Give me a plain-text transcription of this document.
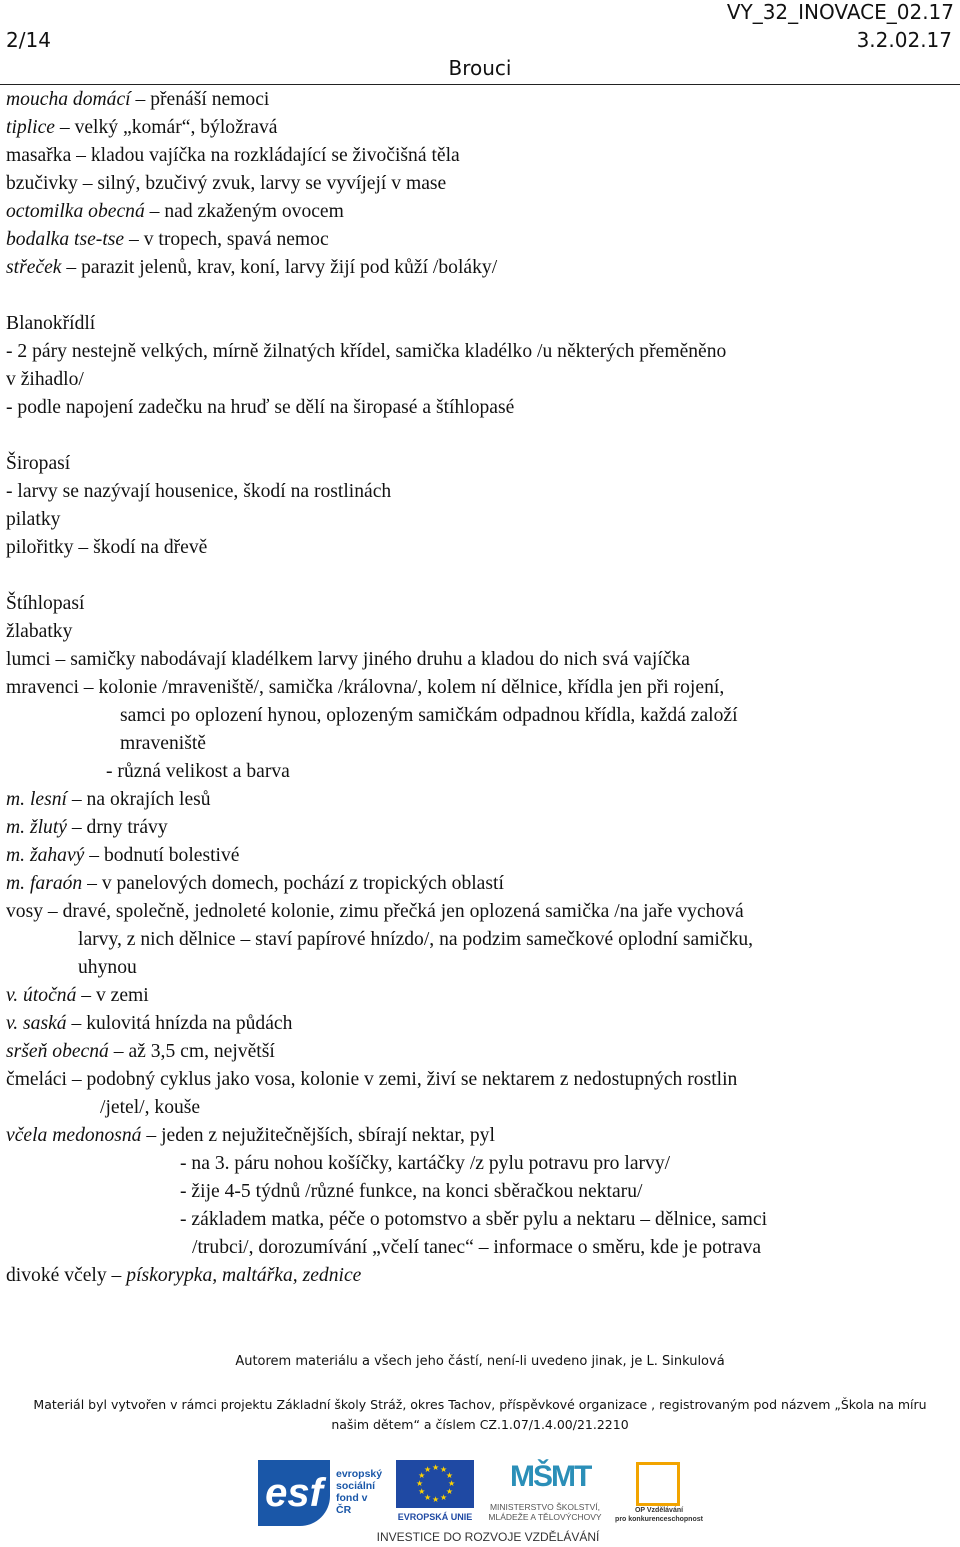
2/14
Brouci
VY_32_INOVACE_02.17
3.2.02.17
moucha domácí – přenáší nemoci
tiplice – velký „komár“, býložravá
masařka – kladou vajíčka na rozkládající se živočišná těla
bzučivky – silný, bzučivý zvuk, larvy se vyvíjejí v mase
octomilka obecná – nad zkaženým ovocem
bodalka tse-tse – v tropech, spavá nemoc
střeček – parazit jelenů, krav, koní, larvy žijí pod kůží /boláky/
Blanokřídlí
- 2 páry nestejně velkých, mírně žilnatých křídel, samička kladélko /u některých přeměněno
v žihadlo/
- podle napojení zadečku na hruď se dělí na širopasé a štíhlopasé
Širopasí
- larvy se nazývají housenice, škodí na rostlinách
pilatky
pilořitky – škodí na dřevě
Štíhlopasí
žlabatky
lumci – samičky nabodávají kladélkem larvy jiného druhu a kladou do nich svá vajíčka
mravenci – kolonie /mraveniště/, samička /královna/, kolem ní dělnice, křídla jen při rojení,
samci po oplození hynou, oplozeným samičkám odpadnou křídla, každá založí
mraveniště
- různá velikost a barva
m. lesní – na okrajích lesů
m. žlutý – drny trávy
m. žahavý – bodnutí bolestivé
m. faraón – v panelových domech, pochází z tropických oblastí
vosy – dravé, společně, jednoleté kolonie, zimu přečká jen oplozená samička /na jaře vychová
larvy, z nich dělnice – staví papírové hnízdo/, na podzim samečkové oplodní samičku,
uhynou
v. útočná – v zemi
v. saská – kulovitá hnízda na půdách
sršeň obecná – až 3,5 cm, největší
čmeláci – podobný cyklus jako vosa, kolonie v zemi, živí se nektarem z nedostupných rostlin
/jetel/, kouše
včela medonosná – jeden z nejužitečnějších, sbírají nektar, pyl
- na 3. páru nohou košíčky, kartáčky /z pylu potravu pro larvy/
- žije 4-5 týdnů /různé funkce, na konci sběračkou nektaru/
- základem matka, péče o potomstvo a sběr pylu a nektaru – dělnice, samci
/trubci/, dorozumívání „včelí tanec“ – informace o směru, kde je potrava
divoké včely – pískorypka, maltářka, zednice
Autorem materiálu a všech jeho částí, není-li uvedeno jinak, je L. Sinkulová
Materiál byl vytvořen v rámci projektu Základní školy Stráž, okres Tachov, příspěvkové organizace , registrovaným pod názvem „Škola na míru
našim dětem“ a číslem CZ.1.07/1.4.00/21.2210
esf	evropský
sociální
fond v ČR
★
★
★
★
★
★
★
★
★ ★ ★
★
EVROPSKÁ UNIE
MŠMT
MINISTERSTVO ŠKOLSTVÍ,
MLÁDEŽE A TĚLOVÝCHOVY
OP Vzdělávání
pro konkurenceschopnost
INVESTICE DO ROZVOJE VZDĚLÁVÁNÍ
